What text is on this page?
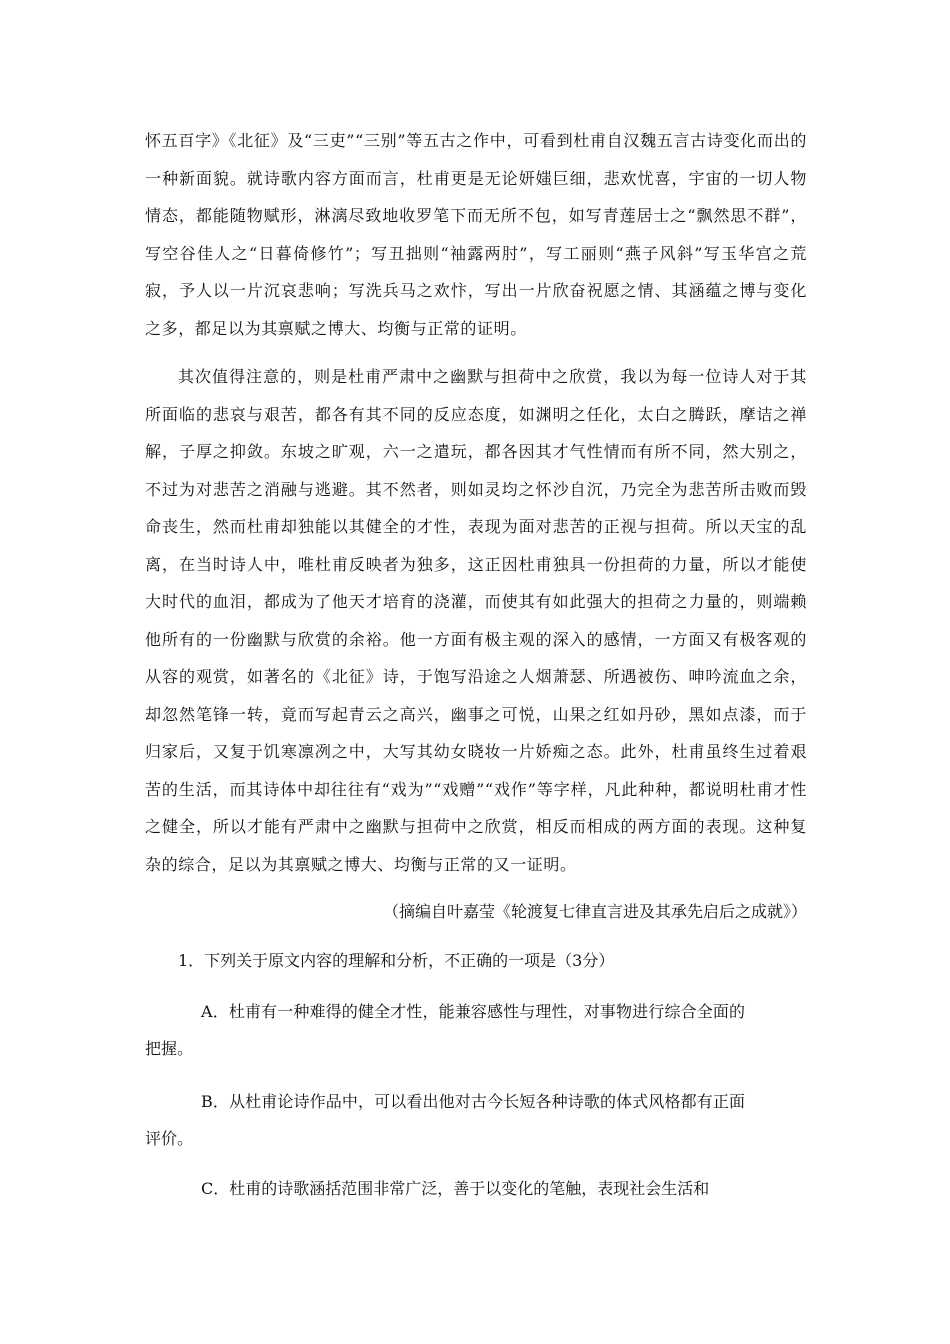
怀五百字》《北征》及“三吏”“三别”等五古之作中，可看到杜甫自汉魏五言古诗变化而出的一种新面貌。就诗歌内容方面而言，杜甫更是无论妍媸巨细，悲欢忧喜，宇宙的一切人物情态，都能随物赋形，淋漓尽致地收罗笔下而无所不包，如写青莲居士之“飘然思不群”，写空谷佳人之“日暮倚修竹”；写丑拙则“袖露两肘”，写工丽则“燕子风斜”写玉华宫之荒寂，予人以一片沉哀悲响；写洗兵马之欢忭，写出一片欣奋祝愿之情、其涵蕴之博与变化之多，都足以为其禀赋之博大、均衡与正常的证明。
其次值得注意的，则是杜甫严肃中之幽默与担荷中之欣赏，我以为每一位诗人对于其所面临的悲哀与艰苦，都各有其不同的反应态度，如渊明之任化，太白之腾跃，摩诘之禅解，子厚之抑敛。东坡之旷观，六一之遣玩，都各因其才气性情而有所不同，然大别之，不过为对悲苦之消融与逃避。其不然者，则如灵均之怀沙自沉，乃完全为悲苦所击败而毁命丧生，然而杜甫却独能以其健全的才性，表现为面对悲苦的正视与担荷。所以天宝的乱离，在当时诗人中，唯杜甫反映者为独多，这正因杜甫独具一份担荷的力量，所以才能使大时代的血泪，都成为了他天才培育的浇灌，而使其有如此强大的担荷之力量的，则端赖他所有的一份幽默与欣赏的余裕。他一方面有极主观的深入的感情，一方面又有极客观的从容的观赏，如著名的《北征》诗，于饱写沿途之人烟萧瑟、所遇被伤、呻吟流血之余，却忽然笔锋一转，竟而写起青云之高兴，幽事之可悦，山果之红如丹砂，黑如点漆，而于归家后，又复于饥寒凛冽之中，大写其幼女晓妆一片娇痴之态。此外，杜甫虽终生过着艰苦的生活，而其诗体中却往往有“戏为”“戏赠”“戏作”等字样，凡此种种，都说明杜甫才性之健全，所以才能有严肃中之幽默与担荷中之欣赏，相反而相成的两方面的表现。这种复杂的综合，足以为其禀赋之博大、均衡与正常的又一证明。
（摘编自叶嘉莹《轮渡复七律直言进及其承先启后之成就》）
1．下列关于原文内容的理解和分析，不正确的一项是（3分）
A．杜甫有一种难得的健全才性，能兼容感性与理性，对事物进行综合全面的把握。
B．从杜甫论诗作品中，可以看出他对古今长短各种诗歌的体式风格都有正面评价。
C．杜甫的诗歌涵括范围非常广泛，善于以变化的笔触，表现社会生活和
